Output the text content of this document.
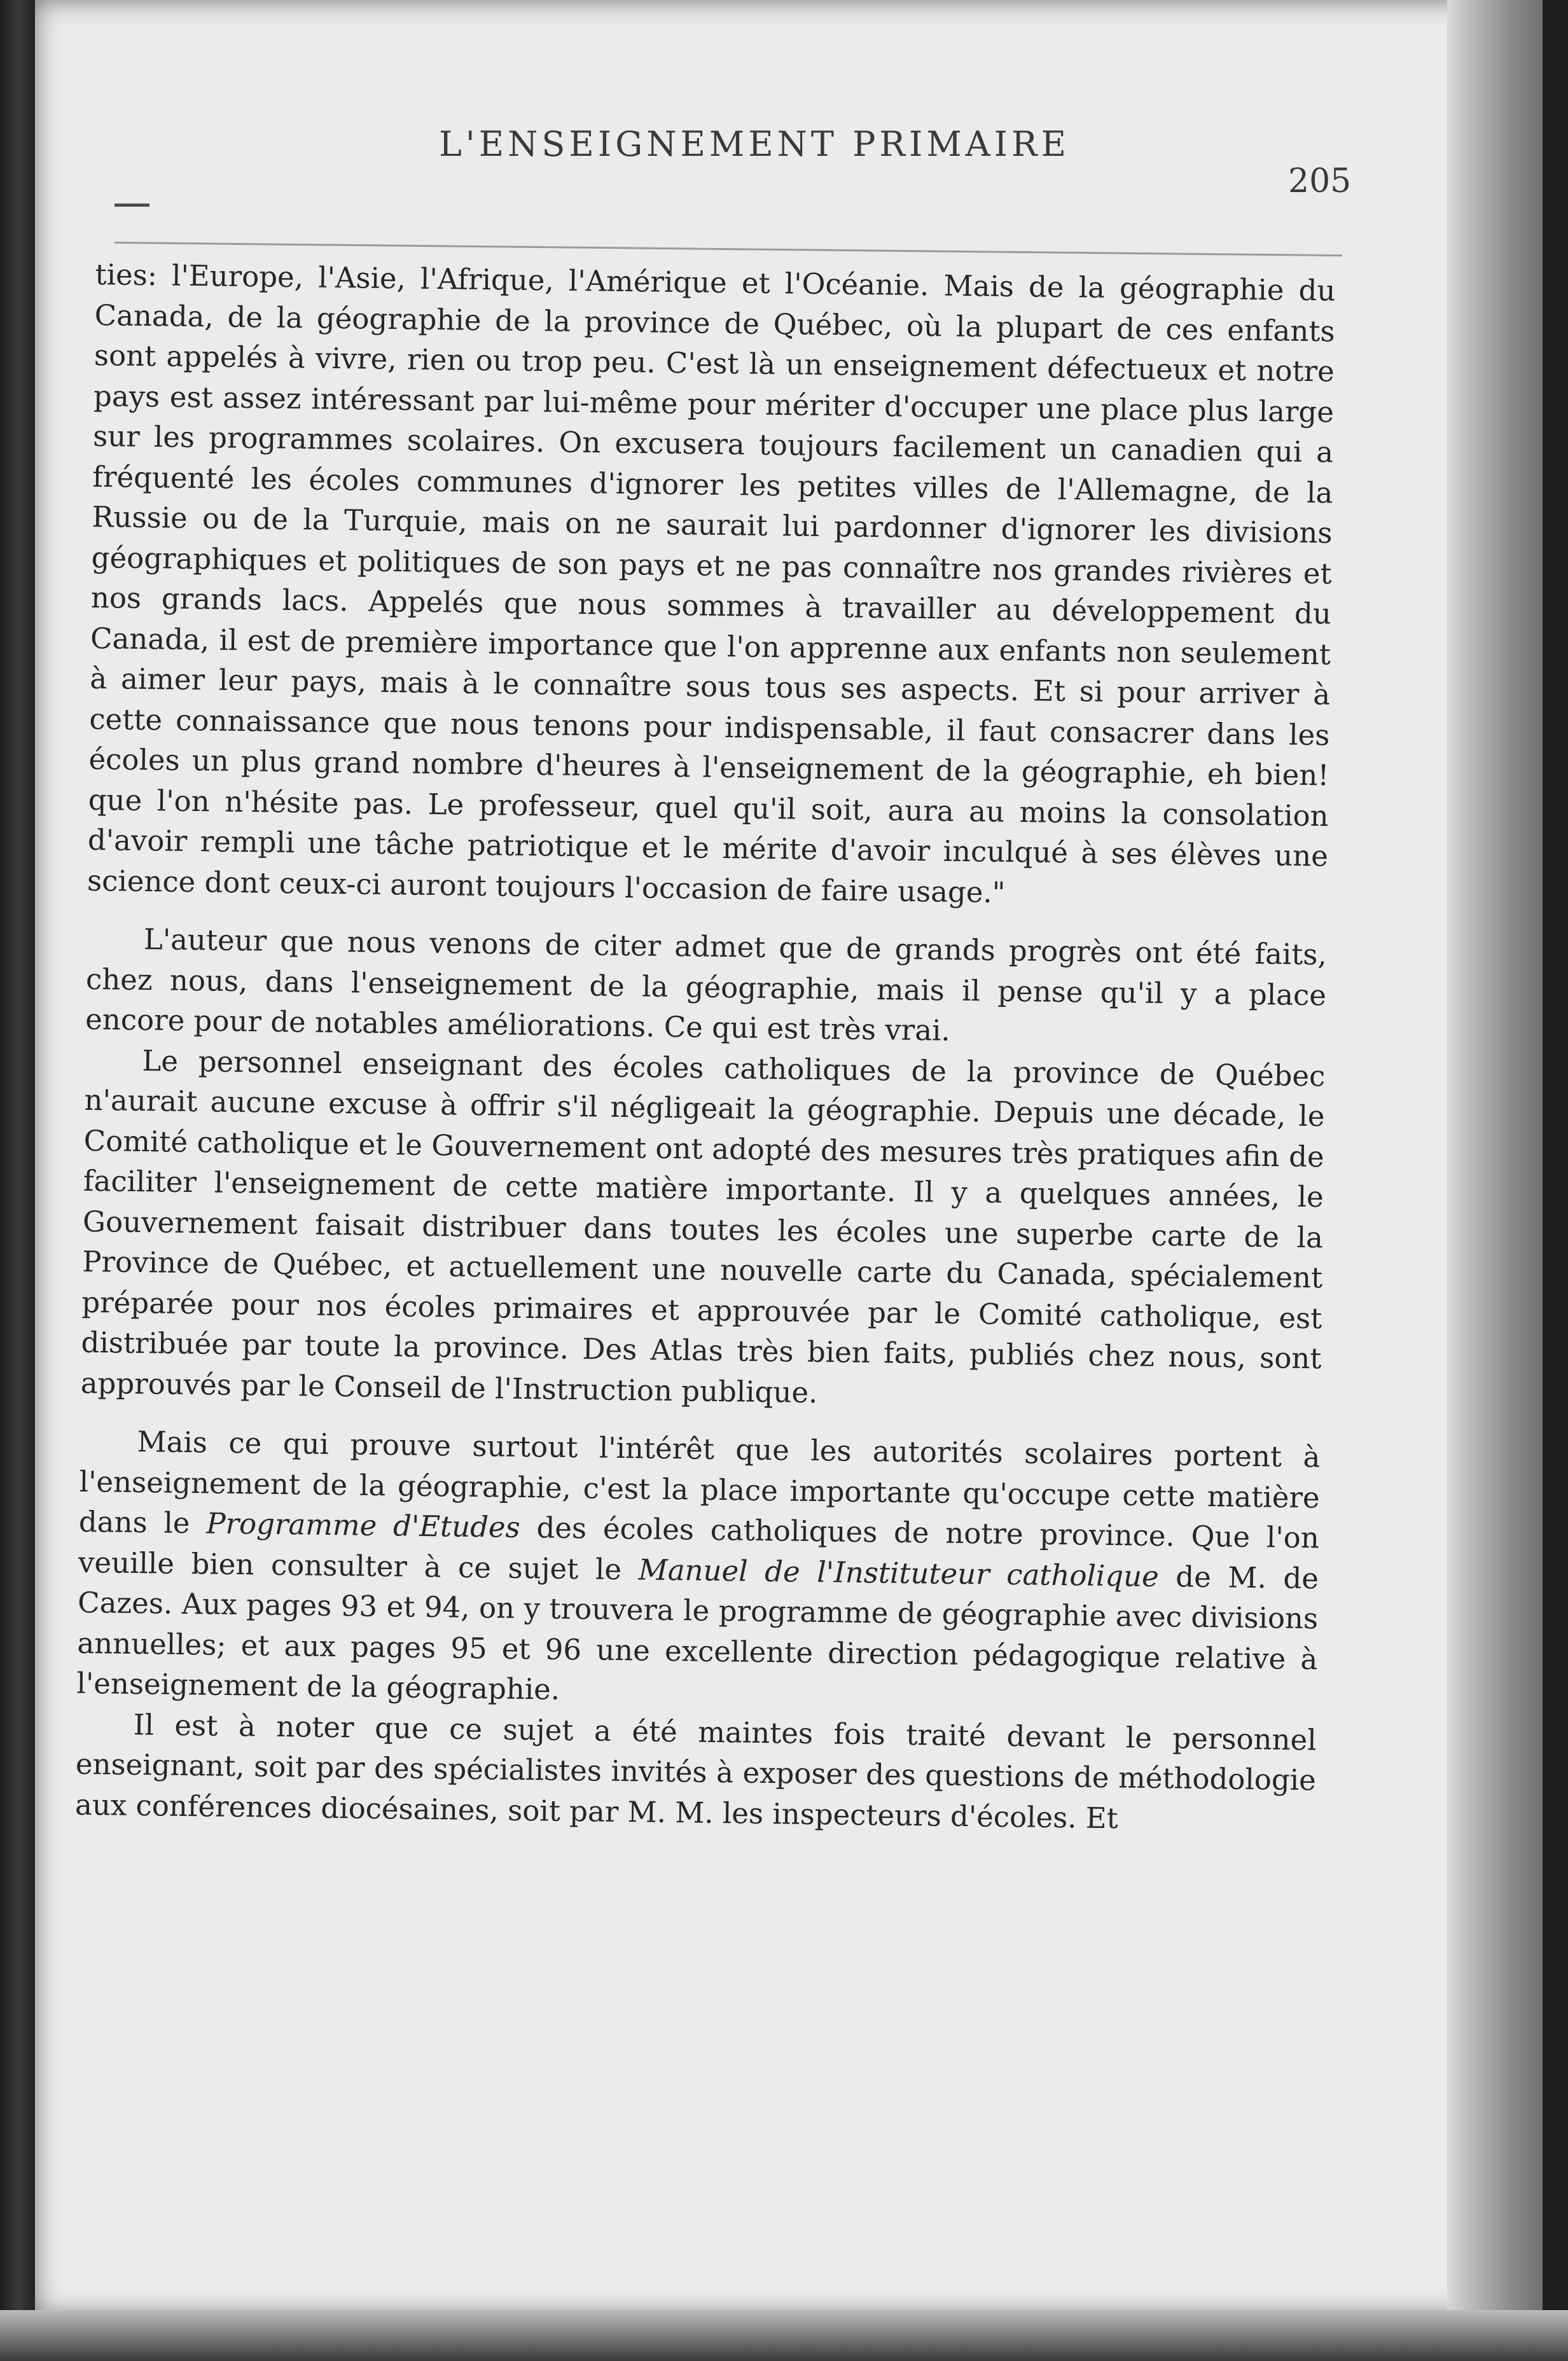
L'ENSEIGNEMENT PRIMAIRE
205

ties: l'Europe, l'Asie, l'Afrique, l'Amérique et l'Océanie. Mais de la géographie du Canada, de la géographie de la province de Québec, où la plupart de ces enfants sont appelés à vivre, rien ou trop peu. C'est là un enseignement défectueux et notre pays est assez intéressant par lui-même pour mériter d'occuper une place plus large sur les programmes scolaires. On excusera toujours facilement un canadien qui a fréquenté les écoles communes d'ignorer les petites villes de l'Allemagne, de la Russie ou de la Turquie, mais on ne saurait lui pardonner d'ignorer les divisions géographiques et politiques de son pays et ne pas connaître nos grandes rivières et nos grands lacs. Appelés que nous sommes à travailler au développement du Canada, il est de première importance que l'on apprenne aux enfants non seulement à aimer leur pays, mais à le connaître sous tous ses aspects. Et si pour arriver à cette connaissance que nous tenons pour indispensable, il faut consacrer dans les écoles un plus grand nombre d'heures à l'enseignement de la géographie, eh bien! que l'on n'hésite pas. Le professeur, quel qu'il soit, aura au moins la consolation d'avoir rempli une tâche patriotique et le mérite d'avoir inculqué à ses élèves une science dont ceux-ci auront toujours l'occasion de faire usage."

L'auteur que nous venons de citer admet que de grands progrès ont été faits, chez nous, dans l'enseignement de la géographie, mais il pense qu'il y a place encore pour de notables améliorations. Ce qui est très vrai.

Le personnel enseignant des écoles catholiques de la province de Québec n'aurait aucune excuse à offrir s'il négligeait la géographie. Depuis une décade, le Comité catholique et le Gouvernement ont adopté des mesures très pratiques afin de faciliter l'enseignement de cette matière importante. Il y a quelques années, le Gouvernement faisait distribuer dans toutes les écoles une superbe carte de la Province de Québec, et actuellement une nouvelle carte du Canada, spécialement préparée pour nos écoles primaires et approuvée par le Comité catholique, est distribuée par toute la province. Des Atlas très bien faits, publiés chez nous, sont approuvés par le Conseil de l'Instruction publique.

Mais ce qui prouve surtout l'intérêt que les autorités scolaires portent à l'enseignement de la géographie, c'est la place importante qu'occupe cette matière dans le Programme d'Etudes des écoles catholiques de notre province. Que l'on veuille bien consulter à ce sujet le Manuel de l'Instituteur catholique de M. de Cazes. Aux pages 93 et 94, on y trouvera le programme de géographie avec divisions annuelles; et aux pages 95 et 96 une excellente direction pédagogique relative à l'enseignement de la géographie.

Il est à noter que ce sujet a été maintes fois traité devant le personnel enseignant, soit par des spécialistes invités à exposer des questions de méthodologie aux conférences diocésaines, soit par M. M. les inspecteurs d'écoles. Et
